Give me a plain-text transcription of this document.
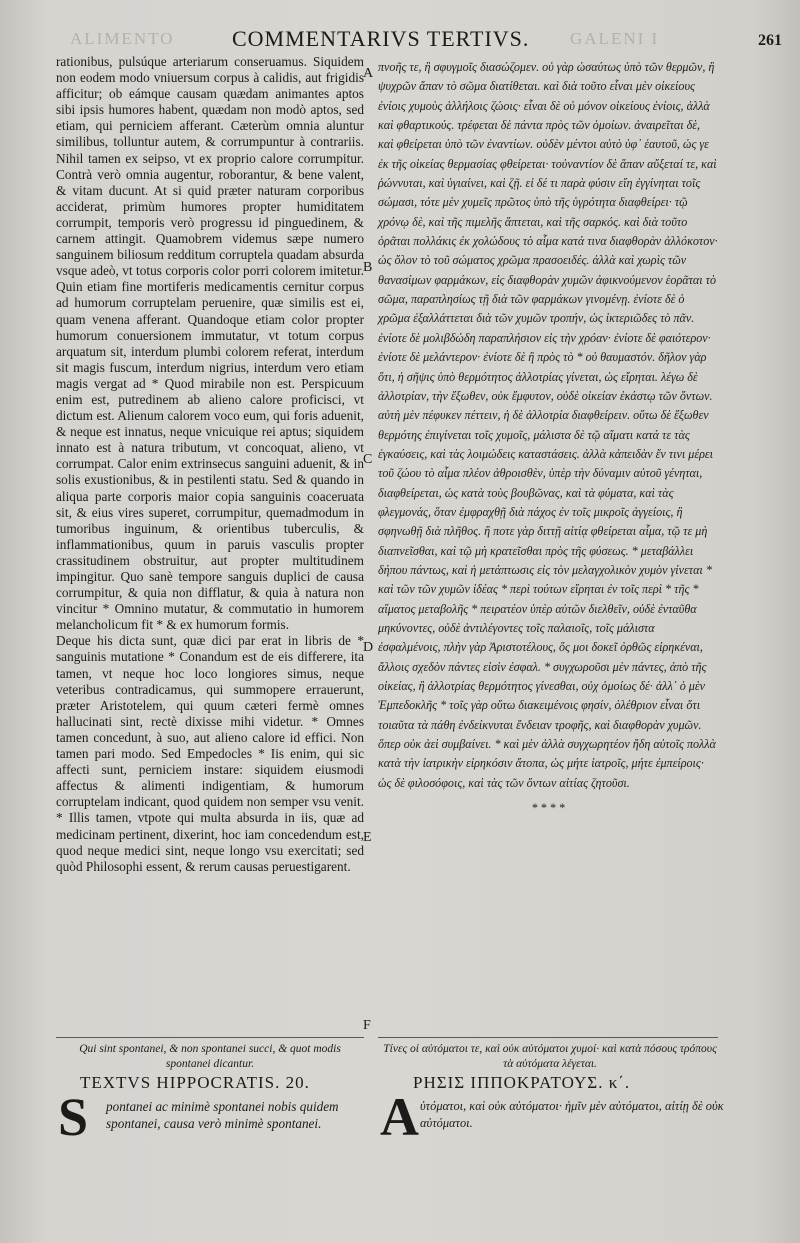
ALIMENTO	GALENI I
COMMENTARIVS TERTIVS.	261

rationibus, pulsúque arteriarum conseruamus. Siquidem non eodem modo vniuersum corpus à calidis, aut frigidis afficitur; ob eámque causam quædam animantes aptos sibi ipsis humores habent, quædam non modò aptos, sed etiam, qui perniciem afferant. Cæterùm omnia aluntur similibus, tolluntur autem, & corrumpuntur à contrariis. Nihil tamen ex seipso, vt ex proprio calore corrumpitur. Contrà verò omnia augentur, roborantur, & bene valent, & vitam ducunt. At si quid præter naturam corporibus acciderat, primùm humores propter humiditatem corrumpit, temporis verò progressu id pinguedinem, & carnem attingit. Quamobrem videmus sæpe numero sanguinem biliosum redditum corruptela quadam absurda vsque adeò, vt totus corporis color porri colorem imitetur. Quin etiam fine mortiferis medicamentis cernitur corpus ad humorum corruptelam peruenire, quæ similis est ei, quam venena afferant. Quandoque etiam color propter humorum conuersionem immutatur, vt totum corpus arquatum sit, interdum plumbi colorem referat, interdum sit magis fuscum, interdum nigrius, interdum vero etiam magis vergat ad * Quod mirabile non est. Perspicuum enim est, putredinem ab alieno calore proficisci, vt dictum est. Alienum calorem voco eum, qui foris aduenit, & neque est innatus, neque vnicuique rei aptus; siquidem innato est à natura tributum, vt concoquat, alieno, vt corrumpat. Calor enim extrinsecus sanguini aduenit, & in solis exustionibus, & in pestilenti statu. Sed & quando in aliqua parte corporis maior copia sanguinis coaceruata sit, & eius vires superet, corrumpitur, quemadmodum in tumoribus inguinum, & orientibus tuberculis, & inflammationibus, quum in paruis vasculis propter crassitudinem obstruitur, aut propter multitudinem impingitur. Quo sanè tempore sanguis duplici de causa corrumpitur, & quia non difflatur, & quia à natura non vincitur * Omnino mutatur, & commutatio in humorem melancholicum fit * & ex humorum formis.

Deque his dicta sunt, quæ dici par erat in libris de * sanguinis mutatione * Conandum est de eis differere, ita tamen, vt neque hoc loco longiores simus, neque veteribus contradicamus, qui summopere errauerunt, præter Aristotelem, qui quum cæteri fermè omnes hallucinati sint, rectè dixisse mihi videtur. * Omnes tamen concedunt, à suo, aut alieno calore id effici. Non tamen pari modo. Sed Empedocles * Iis enim, qui sic affecti sunt, perniciem instare: siquidem eiusmodi affectus & alimenti indigentiam, & humorum corruptelam indicant, quod quidem non semper vsu venit. * Illis tamen, vtpote qui multa absurda in iis, quæ ad medicinam pertinent, dixerint, hoc iam concedendum est, quod neque medici sint, neque longo vsu exercitati; sed quòd Philosophi essent, & rerum causas peruestigarent.

A
B
C
D
E
F

πνοῆς τε, ἢ σφυγμοῖς διασώζομεν. οὐ γὰρ ὡσαύτως ὑπὸ τῶν θερμῶν, ἢ ψυχρῶν ἅπαν τὸ σῶμα διατίθεται. καὶ διὰ τοῦτο εἶναι μὲν οἰκείους ἐνίοις χυμοὺς ἀλλήλοις ζώοις· εἶναι δὲ οὐ μόνον οἰκείους ἐνίοις, ἀλλὰ καὶ φθαρτικούς. τρέφεται δὲ πάντα πρὸς τῶν ὁμοίων. ἀναιρεῖται δὲ, καὶ φθείρεται ὑπὸ τῶν ἐναντίων. οὐδὲν μέντοι αὐτὸ ὑφ᾽ ἑαυτοῦ, ὡς γε ἐκ τῆς οἰκείας θερμασίας φθείρεται· τοὐναντίον δὲ ἅπαν αὔξεταί τε, καὶ ῥώννυται, καὶ ὑγιαίνει, καὶ ζῇ. εἰ δέ τι παρὰ φύσιν εἴη ἐγγίνηται τοῖς σώμασι, τότε μὲν χυμεῖς πρῶτος ὑπὸ τῆς ὑγρότητα διαφθείρει· τῷ χρόνῳ δὲ, καὶ τῆς πιμελῆς ἅπτεται, καὶ τῆς σαρκός. καὶ διὰ τοῦτο ὁρᾶται πολλάκις ἐκ χολώδους τὸ αἷμα κατά τινα διαφθορὰν ἀλλόκοτον· ὡς ὅλον τὸ τοῦ σώματος χρῶμα πρασοειδές. ἀλλὰ καὶ χωρὶς τῶν θανασίμων φαρμάκων, εἰς διαφθορὰν χυμῶν ἀφικνούμενον ἑορᾶται τὸ σῶμα, παραπλησίως τῇ διὰ τῶν φαρμάκων γινομένῃ. ἐνίοτε δὲ ὁ χρῶμα ἐξαλλάττεται διὰ τῶν χυμῶν τροπήν, ὡς ἰκτεριῶδες τὸ πᾶν. ἐνίοτε δὲ μολιβδώδη παραπλήσιον εἰς τὴν χρόαν· ἐνίοτε δὲ φαιότερον· ἐνίοτε δὲ μελάντερον· ἐνίοτε δὲ ἢ πρὸς τὸ * οὐ θαυμαστόν. δῆλον γὰρ ὅτι, ἡ σῆψις ὑπὸ θερμότητος ἀλλοτρίας γίνεται, ὡς εἴρηται. λέγω δὲ ἀλλοτρίαν, τὴν ἔξωθεν, οὐκ ἔμφυτον, οὐδὲ οἰκείαν ἑκάστῳ τῶν ὄντων. αὐτὴ μὲν πέφυκεν πέττειν, ἡ δὲ ἀλλοτρία διαφθείρειν. οὕτω δὲ ἔξωθεν θερμότης ἐπιγίνεται τοῖς χυμοῖς, μάλιστα δὲ τῷ αἵματι κατά τε τὰς ἐγκαύσεις, καὶ τὰς λοιμώδεις καταστάσεις. ἀλλὰ κἀπειδὰν ἔν τινι μέρει τοῦ ζώου τὸ αἷμα πλέον ἀθροισθὲν, ὑπὲρ τὴν δύναμιν αὐτοῦ γένηται, διαφθείρεται, ὡς κατὰ τοὺς βουβῶνας, καὶ τὰ φύματα, καὶ τὰς φλεγμονάς, ὅταν ἐμφραχθῇ διὰ πάχος ἐν τοῖς μικροῖς ἀγγείοις, ἢ σφηνωθῇ διὰ πλῆθος. ἢ ποτε γὰρ διττῇ αἰτίᾳ φθείρεται αἷμα, τῷ τε μὴ διαπνεῖσθαι, καὶ τῷ μὴ κρατεῖσθαι πρὸς τῆς φύσεως. * μεταβάλλει δήπου πάντως, καὶ ἡ μετάπτωσις εἰς τὸν μελαγχολικὸν χυμὸν γίνεται * καὶ τῶν τῶν χυμῶν ἰδέας * περὶ τούτων εἴρηται ἐν τοῖς περὶ * τῆς * αἵματος μεταβολῆς * πειρατέον ὑπὲρ αὐτῶν διελθεῖν, οὐδὲ ἐνταῦθα μηκύνοντες, οὐδὲ ἀντιλέγοντες τοῖς παλαιοῖς, τοῖς μάλιστα ἐσφαλμένοις, πλὴν γὰρ Ἀριστοτέλους, ὅς μοι δοκεῖ ὀρθῶς εἰρηκέναι, ἄλλοις σχεδὸν πάντες εἰσὶν ἐσφαλ. * συγχωροῦσι μὲν πάντες, ἀπὸ τῆς οἰκείας, ἢ ἀλλοτρίας θερμότητος γίνεσθαι, οὐχ ὁμοίως δέ· ἀλλ᾽ ὁ μὲν Ἐμπεδοκλῆς * τοῖς γὰρ οὕτω διακειμένοις φησίν, ὀλέθριον εἶναι ὅτι τοιαῦτα τὰ πάθη ἐνδείκνυται ἔνδειαν τροφῆς, καὶ διαφθορὰν χυμῶν. ὅπερ οὐκ ἀεὶ συμβαίνει. * καὶ μὲν ἀλλὰ συγχωρητέον ἤδη αὐτοῖς πολλὰ κατὰ τὴν ἰατρικὴν εἰρηκόσιν ἄτοπα, ὡς μήτε ἰατροῖς, μήτε ἐμπείροις· ὡς δὲ φιλοσόφοις, καὶ τὰς τῶν ὄντων αἰτίας ζητοῦσι.

* * * *

Qui sint spontanei, & non spontanei succi, & quot modis spontanei dicantur.
Τίνες οἱ αὐτόματοι τε, καὶ οὐκ αὐτόματοι χυμοί· καὶ κατὰ πόσους τρόπους τὰ αὐτόματα λέγεται.
TEXTVS HIPPOCRATIS. 20.	ΡΗΣΙΣ ΙΠΠΟΚΡΑΤΟΥΣ. κ΄.
S pontanei ac minimè spontanei nobis quidem spontanei, causa verò minimè spontanei.	Α ὐτόματοι, καὶ οὐκ αὐτόματοι· ἡμῖν μὲν αὐτόματοι, αἰτίῃ δὲ οὐκ αὐτόματοι.
